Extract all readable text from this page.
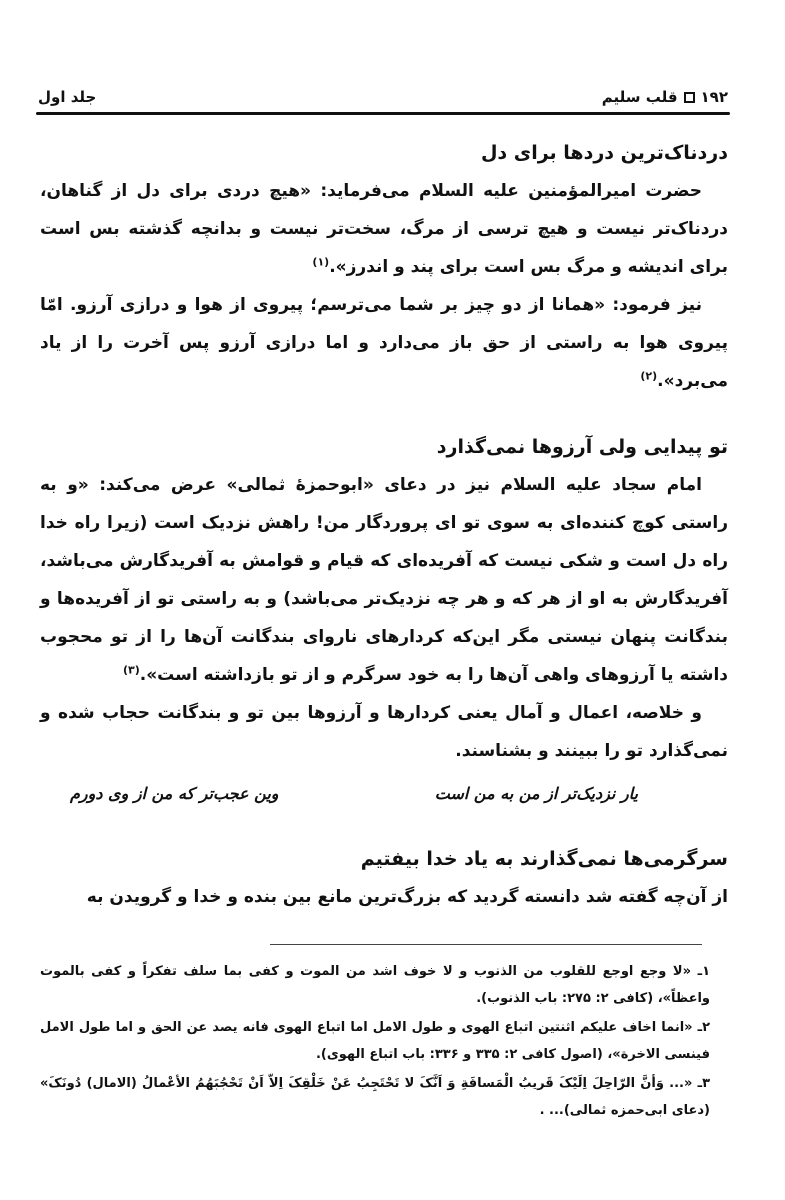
۱۹۲
قلب سلیم
جلد اول
دردناک‌ترین دردها برای دل

حضرت امیرالمؤمنین علیه السلام می‌فرماید: «هیچ دردی برای دل از گناهان، دردناک‌تر نیست و هیچ ترسی از مرگ، سخت‌تر نیست و بدانچه گذشته بس است برای اندیشه و مرگ بس است برای پند و اندرز».$^{(۱)}$

نیز فرمود: «همانا از دو چیز بر شما می‌ترسم؛ پیروی از هوا و درازی آرزو. امّا پیروی هوا به راستی از حق باز می‌دارد و اما درازی آرزو پس آخرت را از یاد می‌برد».$^{(۲)}$

تو پیدایی ولی آرزوها نمی‌گذارد

امام سجاد علیه السلام نیز در دعای «ابوحمزهٔ ثمالی» عرض می‌کند: «و به راستی کوچ کننده‌ای به سوی تو ای پروردگار من! راهش نزدیک است (زیرا راه خدا راه دل است و شکی نیست که آفریده‌ای که قیام و قوامش به آفریدگارش می‌باشد، آفریدگارش به او از هر که و هر چه نزدیک‌تر می‌باشد) و به راستی تو از آفریده‌ها و بندگانت پنهان نیستی مگر این‌که کردارهای ناروای بندگانت آن‌ها را از تو محجوب داشته یا آرزوهای واهی آن‌ها را به خود سرگرم و از تو بازداشته است».$^{(۳)}$

و خلاصه، اعمال و آمال یعنی کردارها و آرزوها بین تو و بندگانت حجاب شده و نمی‌گذارد تو را ببینند و بشناسند.

یار نزدیک‌تر از من به من است
وین عجب‌تر که من از وی دورم
سرگرمی‌ها نمی‌گذارند به یاد خدا بیفتیم

از آن‌چه گفته شد دانسته گردید که بزرگ‌ترین مانع بین بنده و خدا و گرویدن به

۱ـ «لا وجع اوجع للقلوب من الذنوب و لا خوف اشد من الموت و کفی بما سلف تفکراً و کفی بالموت واعظاً»، (کافی ۲: ۲۷۵: باب الذنوب).
۲ـ «انما اخاف علیکم اثنتین اتباع الهوی و طول الامل اما اتباع الهوی فانه یصد عن الحق و اما طول الامل فینسی الاخرة»، (اصول کافی ۲: ۳۳۵ و ۳۳۶: باب اتباع الهوی).
۳ـ «... وَأنَّ الرّاحِلَ اِلَیْکَ قَریبُ الْمَسافَةِ وَ اَنَّکَ لا تَحْتَجِبُ عَنْ خَلْقِکَ اِلاّ اَنْ تَحْجُبَهُمُ الأعْمالُ (الامال) دُونَکَ» (دعای ابی‌حمزه ثمالی)... .
